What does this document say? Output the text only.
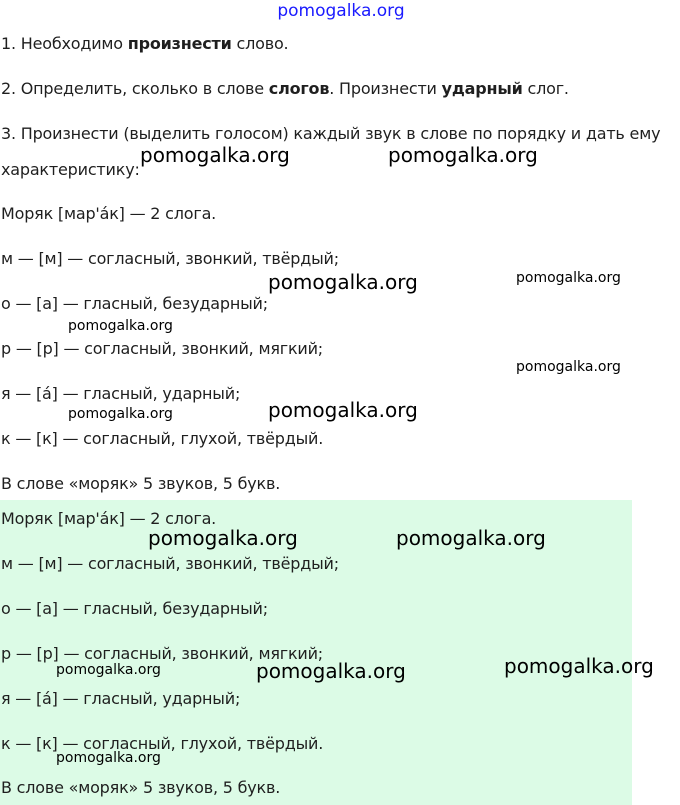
pomogalka.org
1. Необходимо произнести слово.
2. Определить, сколько в слове слогов. Произнести ударный слог.
3. Произнести (выделить голосом) каждый звук в слове по порядку и дать ему
характеристику:
Моряк [мар'а́к] — 2 слога.
м — [м] — согласный, звонкий, твёрдый;
о — [а] — гласный, безударный;
р — [р] — согласный, звонкий, мягкий;
я — [а́] — гласный, ударный;
к — [к] — согласный, глухой, твёрдый.
В слове «моряк» 5 звуков, 5 букв.
Моряк [мар'а́к] — 2 слога.
м — [м] — согласный, звонкий, твёрдый;
о — [а] — гласный, безударный;
р — [р] — согласный, звонкий, мягкий;
я — [а́] — гласный, ударный;
к — [к] — согласный, глухой, твёрдый.
В слове «моряк» 5 звуков, 5 букв.
pomogalka.org	pomogalka.org
pomogalka.org	pomogalka.org
pomogalka.org
pomogalka.org
pomogalka.org	pomogalka.org
pomogalka.org	pomogalka.org
pomogalka.org	pomogalka.org	pomogalka.org
pomogalka.org
